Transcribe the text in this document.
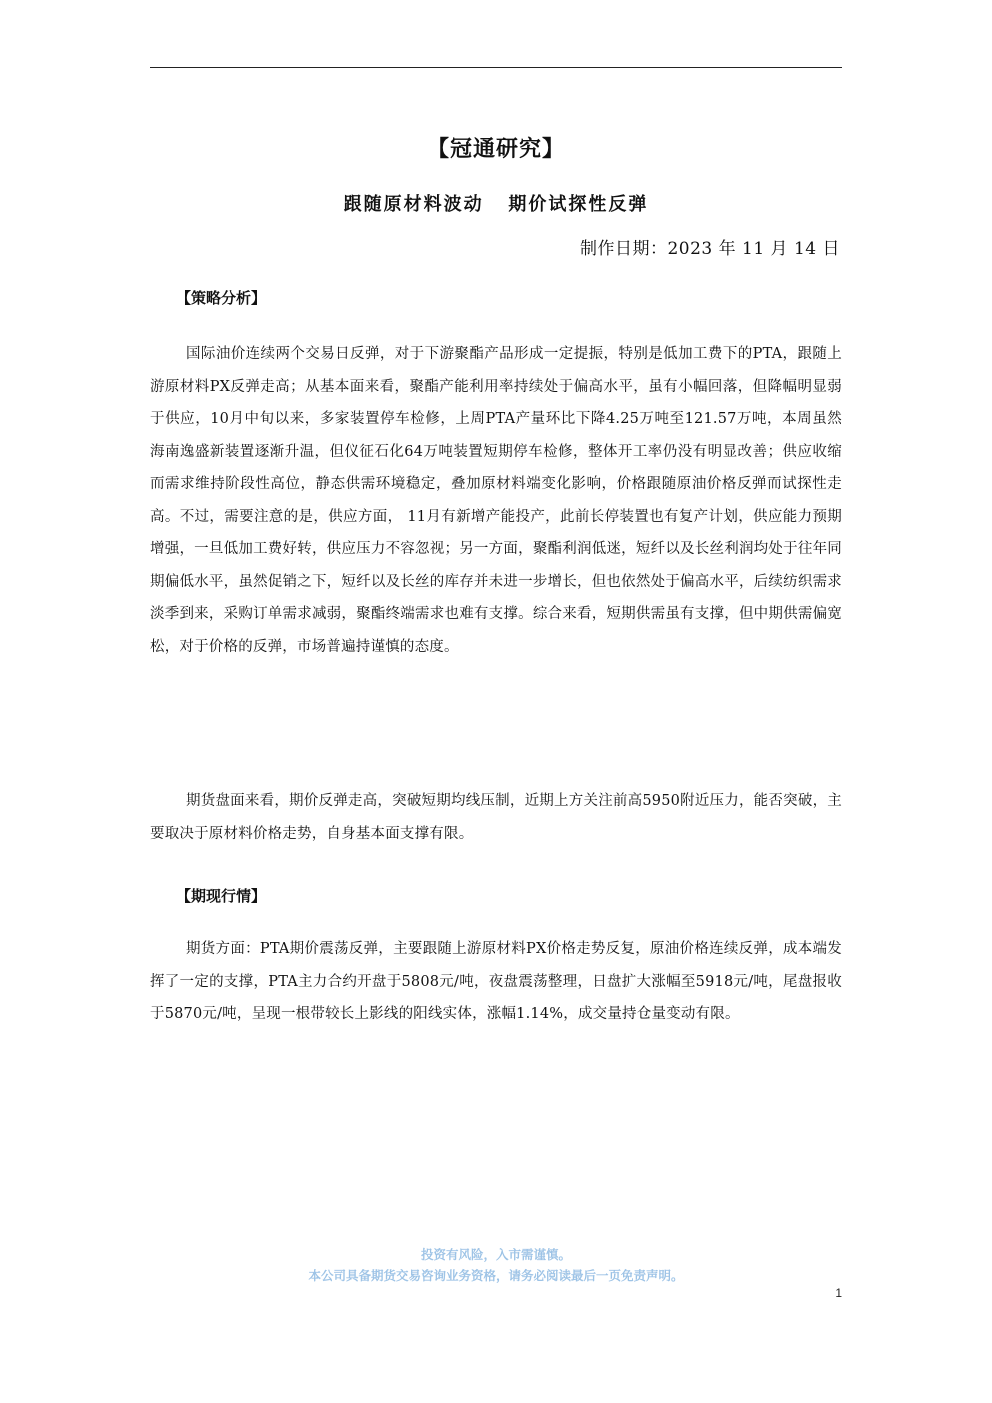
【冠通研究】
跟随原材料波动   期价试探性反弹
制作日期：2023 年 11 月 14 日
【策略分析】

国际油价连续两个交易日反弹，对于下游聚酯产品形成一定提振，特别是低加工费下的PTA，跟随上游原材料PX反弹走高；从基本面来看，聚酯产能利用率持续处于偏高水平，虽有小幅回落，但降幅明显弱于供应，10月中旬以来，多家装置停车检修，上周PTA产量环比下降4.25万吨至121.57万吨，本周虽然海南逸盛新装置逐渐升温，但仪征石化64万吨装置短期停车检修，整体开工率仍没有明显改善；供应收缩而需求维持阶段性高位，静态供需环境稳定，叠加原材料端变化影响，价格跟随原油价格反弹而试探性走高。不过，需要注意的是，供应方面， 11月有新增产能投产，此前长停装置也有复产计划，供应能力预期增强，一旦低加工费好转，供应压力不容忽视；另一方面，聚酯利润低迷，短纤以及长丝利润均处于往年同期偏低水平，虽然促销之下，短纤以及长丝的库存并未进一步增长，但也依然处于偏高水平，后续纺织需求淡季到来，采购订单需求减弱，聚酯终端需求也难有支撑。综合来看，短期供需虽有支撑，但中期供需偏宽松，对于价格的反弹，市场普遍持谨慎的态度。

期货盘面来看，期价反弹走高，突破短期均线压制，近期上方关注前高5950附近压力，能否突破，主要取决于原材料价格走势，自身基本面支撑有限。

【期现行情】

期货方面：PTA期价震荡反弹，主要跟随上游原材料PX价格走势反复，原油价格连续反弹，成本端发挥了一定的支撑，PTA主力合约开盘于5808元/吨，夜盘震荡整理，日盘扩大涨幅至5918元/吨，尾盘报收于5870元/吨，呈现一根带较长上影线的阳线实体，涨幅1.14%，成交量持仓量变动有限。

投资有风险，入市需谨慎。
本公司具备期货交易咨询业务资格，请务必阅读最后一页免责声明。
1
